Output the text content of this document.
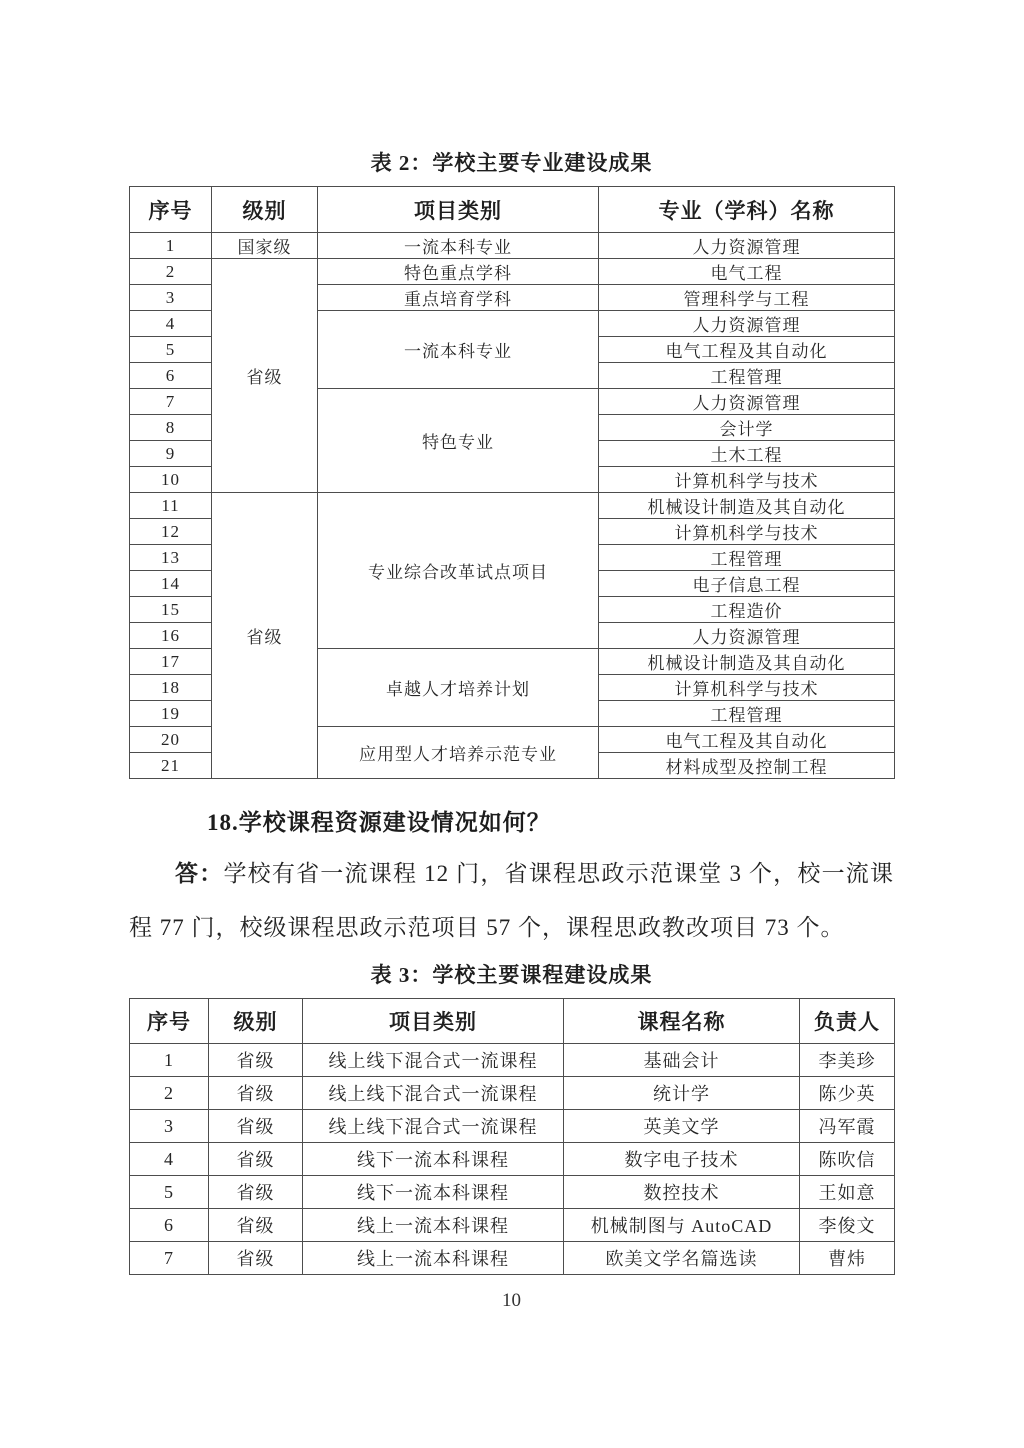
表 2：学校主要专业建设成果
序号	级别	项目类别	专业（学科）名称
1	国家级	一流本科专业	人力资源管理
2	省级	特色重点学科	电气工程
3		重点培育学科	管理科学与工程
4		一流本科专业	人力资源管理
5			电气工程及其自动化
6			工程管理
7		特色专业	人力资源管理
8			会计学
9			土木工程
10			计算机科学与技术
11	省级	专业综合改革试点项目	机械设计制造及其自动化
12			计算机科学与技术
13			工程管理
14			电子信息工程
15			工程造价
16			人力资源管理
17		卓越人才培养计划	机械设计制造及其自动化
18			计算机科学与技术
19			工程管理
20		应用型人才培养示范专业	电气工程及其自动化
21			材料成型及控制工程
18.学校课程资源建设情况如何？

答：学校有省一流课程 12 门，省课程思政示范课堂 3 个，校一流课程 77 门，校级课程思政示范项目 57 个，课程思政教改项目 73 个。

表 3：学校主要课程建设成果
序号	级别	项目类别	课程名称	负责人
1	省级	线上线下混合式一流课程	基础会计	李美珍
2	省级	线上线下混合式一流课程	统计学	陈少英
3	省级	线上线下混合式一流课程	英美文学	冯军霞
4	省级	线下一流本科课程	数字电子技术	陈吹信
5	省级	线下一流本科课程	数控技术	王如意
6	省级	线上一流本科课程	机械制图与 AutoCAD	李俊文
7	省级	线上一流本科课程	欧美文学名篇选读	曹炜
10
